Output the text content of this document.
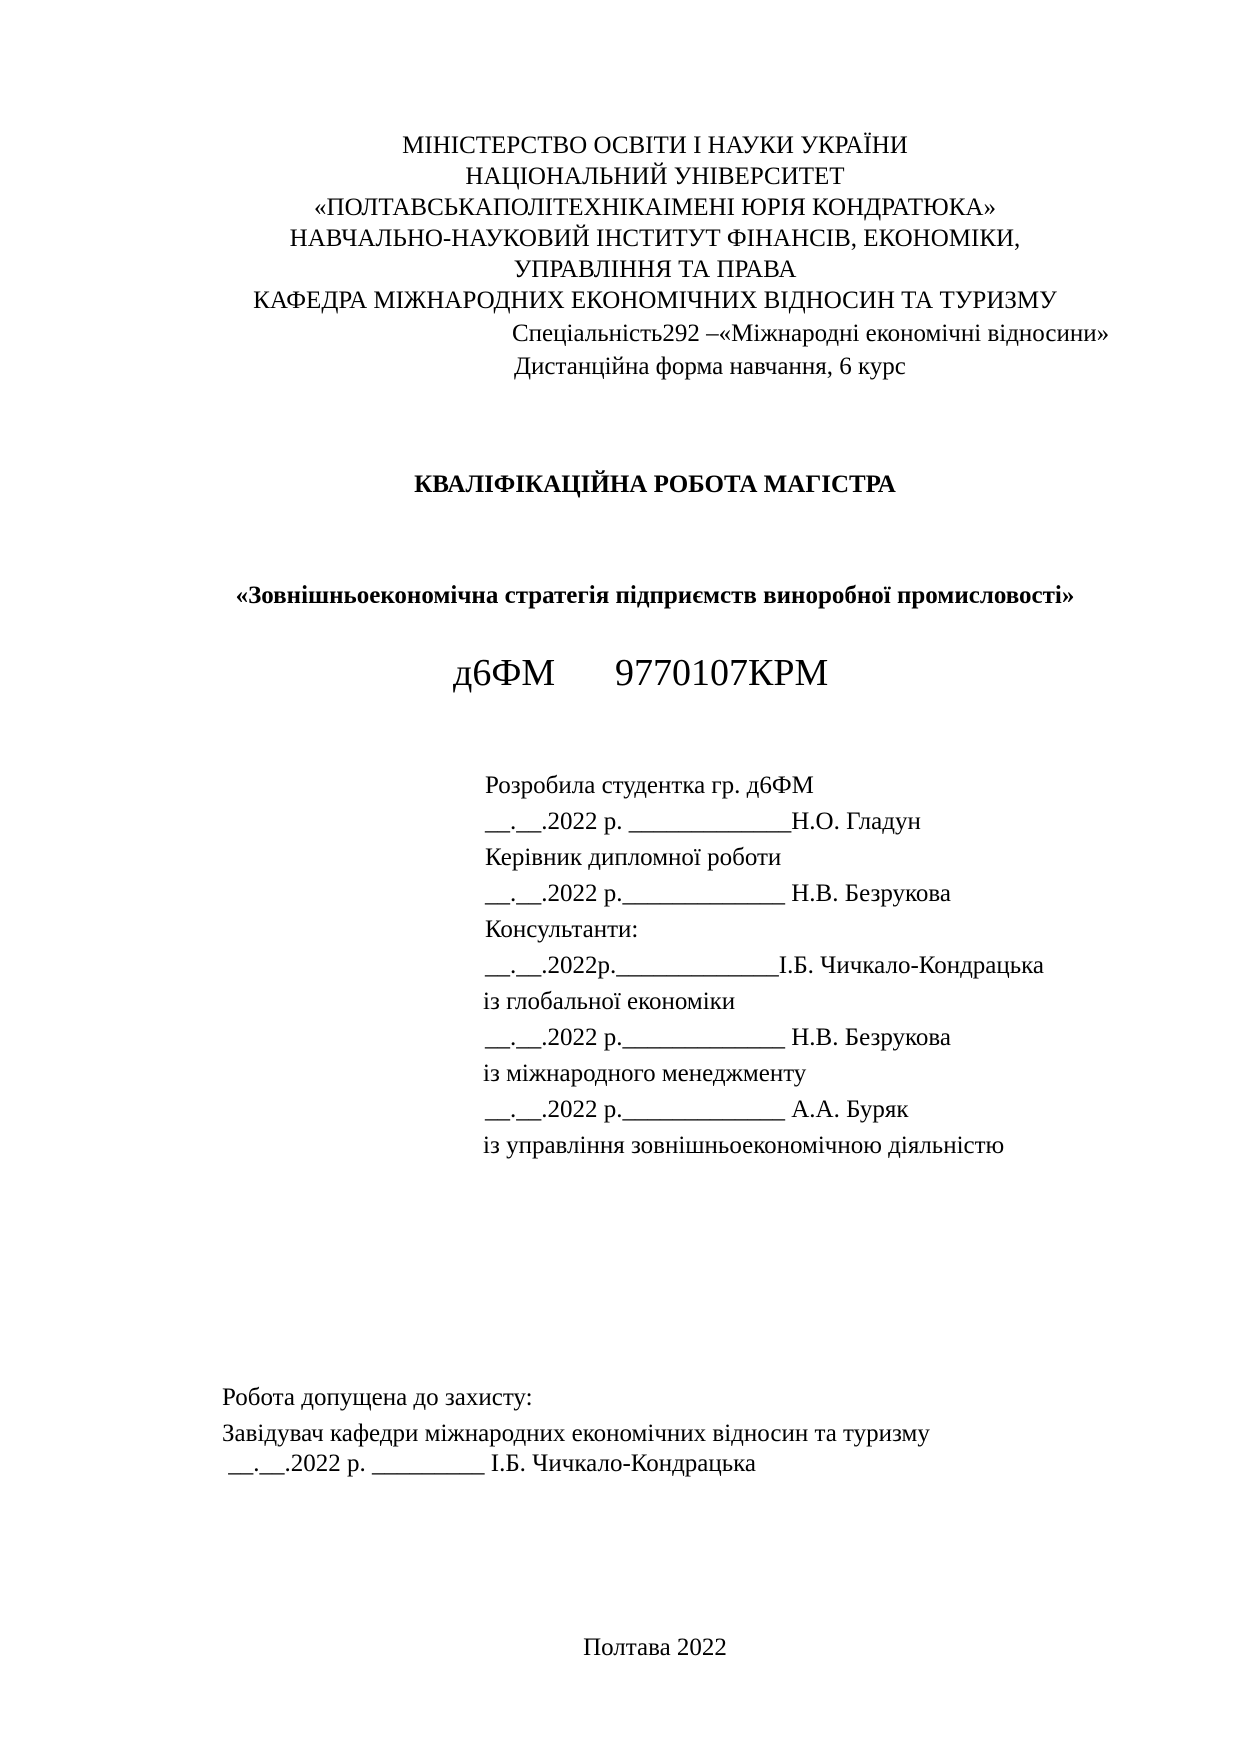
МІНІСТЕРСТВО ОСВІТИ І НАУКИ УКРАЇНИ
НАЦІОНАЛЬНИЙ УНІВЕРСИТЕТ
«ПОЛТАВСЬКАПОЛІТЕХНІКАІМЕНІ ЮРІЯ КОНДРАТЮКА»
НАВЧАЛЬНО-НАУКОВИЙ ІНСТИТУТ ФІНАНСІВ, ЕКОНОМІКИ,
УПРАВЛІННЯ ТА ПРАВА
КАФЕДРА МІЖНАРОДНИХ ЕКОНОМІЧНИХ ВІДНОСИН ТА ТУРИЗМУ
Спеціальність292 –«Міжнародні економічні відносини»
Дистанційна форма навчання, 6 курс
КВАЛІФІКАЦІЙНА РОБОТА МАГІСТРА
«Зовнішньоекономічна стратегія підприємств виноробної промисловості»
д6ФМ 9770107КРМ
Розробила студентка гр. д6ФМ
__.__.2022 р. _____________Н.О. Гладун
Керівник дипломної роботи
__.__.2022 р._____________ Н.В. Безрукова
Консультанти:
__.__.2022р._____________І.Б. Чичкало-Кондрацька
із глобальної економіки
__.__.2022 р._____________ Н.В. Безрукова
із міжнародного менеджменту
__.__.2022 р._____________ А.А. Буряк
із управління зовнішньоекономічною діяльністю
Робота допущена до захисту:
Завідувач кафедри міжнародних економічних відносин та туризму
__.__.2022 р. _________ І.Б. Чичкало-Кондрацька
Полтава 2022
